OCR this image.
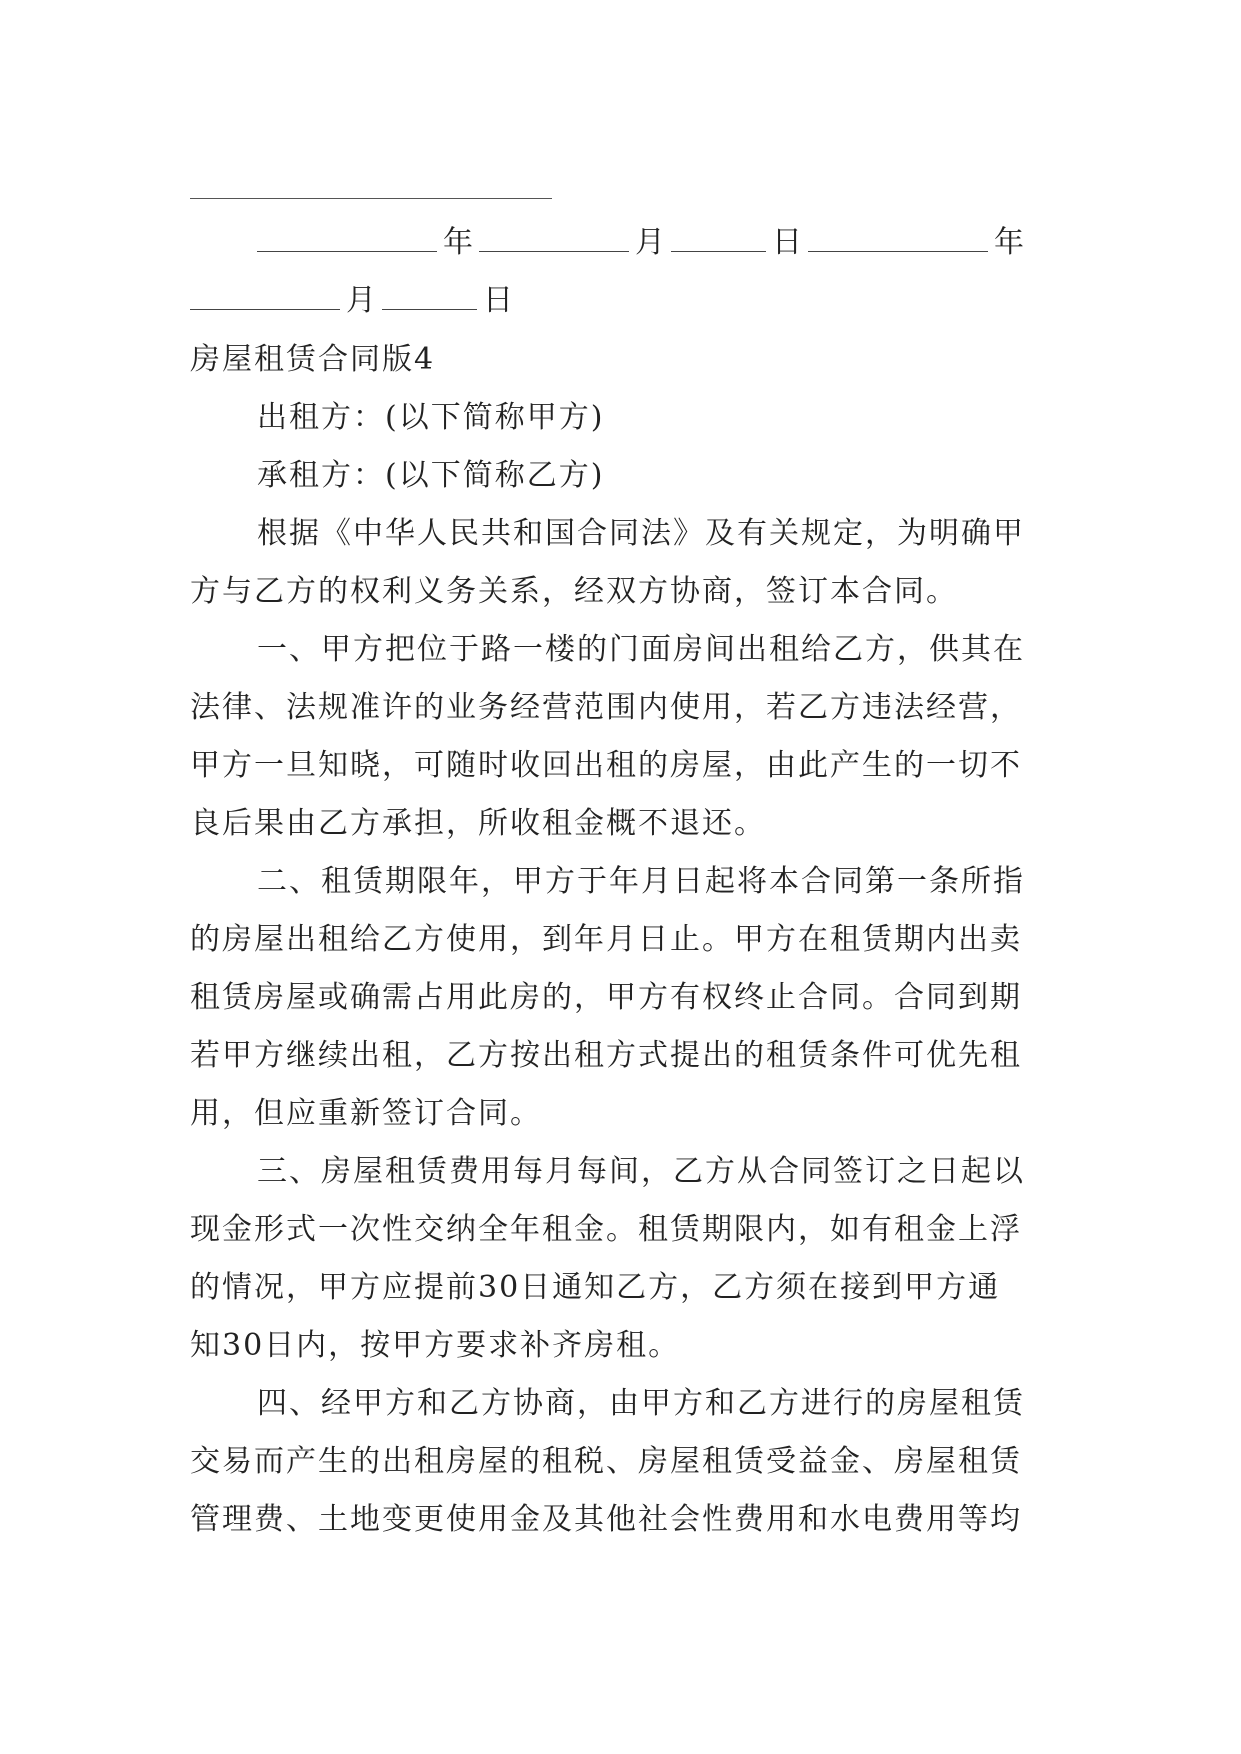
年	月	日	年
月	日
房屋租赁合同版4
出租方：(以下简称甲方)
承租方：(以下简称乙方)
根据《中华人民共和国合同法》及有关规定，为明确甲
方与乙方的权利义务关系，经双方协商，签订本合同。
一、甲方把位于路一楼的门面房间出租给乙方，供其在
法律、法规准许的业务经营范围内使用，若乙方违法经营，
甲方一旦知晓，可随时收回出租的房屋，由此产生的一切不
良后果由乙方承担，所收租金概不退还。
二、租赁期限年，甲方于年月日起将本合同第一条所指
的房屋出租给乙方使用，到年月日止。甲方在租赁期内出卖
租赁房屋或确需占用此房的，甲方有权终止合同。合同到期
若甲方继续出租，乙方按出租方式提出的租赁条件可优先租
用，但应重新签订合同。
三、房屋租赁费用每月每间，乙方从合同签订之日起以
现金形式一次性交纳全年租金。租赁期限内，如有租金上浮
的情况，甲方应提前30日通知乙方，乙方须在接到甲方通
知30日内，按甲方要求补齐房租。
四、经甲方和乙方协商，由甲方和乙方进行的房屋租赁
交易而产生的出租房屋的租税、房屋租赁受益金、房屋租赁
管理费、土地变更使用金及其他社会性费用和水电费用等均
